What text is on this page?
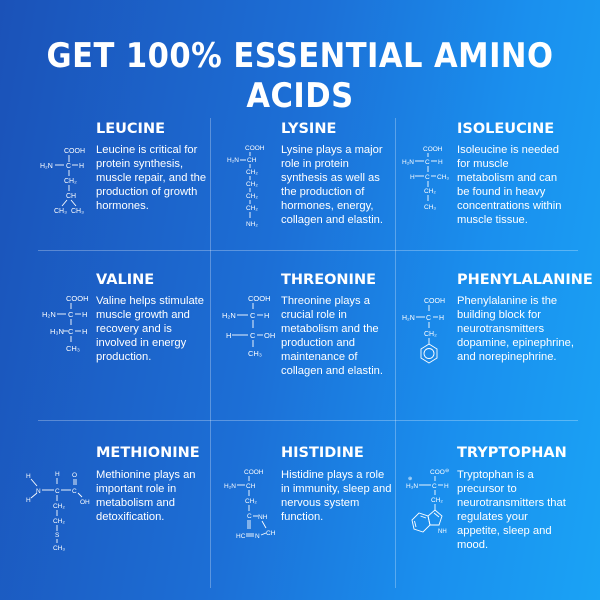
GET 100% ESSENTIAL AMINO ACIDS
LEUCINE
Leucine is critical for protein synthesis, muscle repair, and the production of growth hormones.
COOH
H₂N C H
CH₂
CH
CH₃ CH₃
LYSINE
Lysine plays a major role in protein synthesis as well as the production of hormones, energy, collagen and elastin.
COOH
H₂N CH
CH₂
CH₂
CH₂
CH₂
NH₂
ISOLEUCINE
Isoleucine is needed for muscle metabolism and can be found in heavy concentrations within muscle tissue.
COOH
H₂N C H
H C CH₃
CH₂
CH₃
VALINE
Valine helps stimulate muscle growth and recovery and is involved in energy production.
COOH
H₂N C H
H₃N C H
CH₃
THREONINE
Threonine plays a crucial role in metabolism and the production and maintenance of collagen and elastin.
COOH
H₂N C H
H C OH
CH₃
PHENYLALANINE
Phenylalanine is the building block for neurotransmitters dopamine, epinephrine, and norepinephrine.
COOH
H₂N C H
CH₂
METHIONINE
Methionine plays an important role in metabolism and detoxification.
H
N
H
H
C C
O
OH
CH₂
CH₂
S
CH₃
HISTIDINE
Histidine plays a role in immunity, sleep and nervous system function.
COOH
H₂N CH
CH₂
C NH
CH
HC N
TRYPTOPHAN
Tryptophan is a precursor to neurotransmitters that regulates your appetite, sleep and mood.
COO ⊖
⊕
H₃N C H
CH₂
NH
